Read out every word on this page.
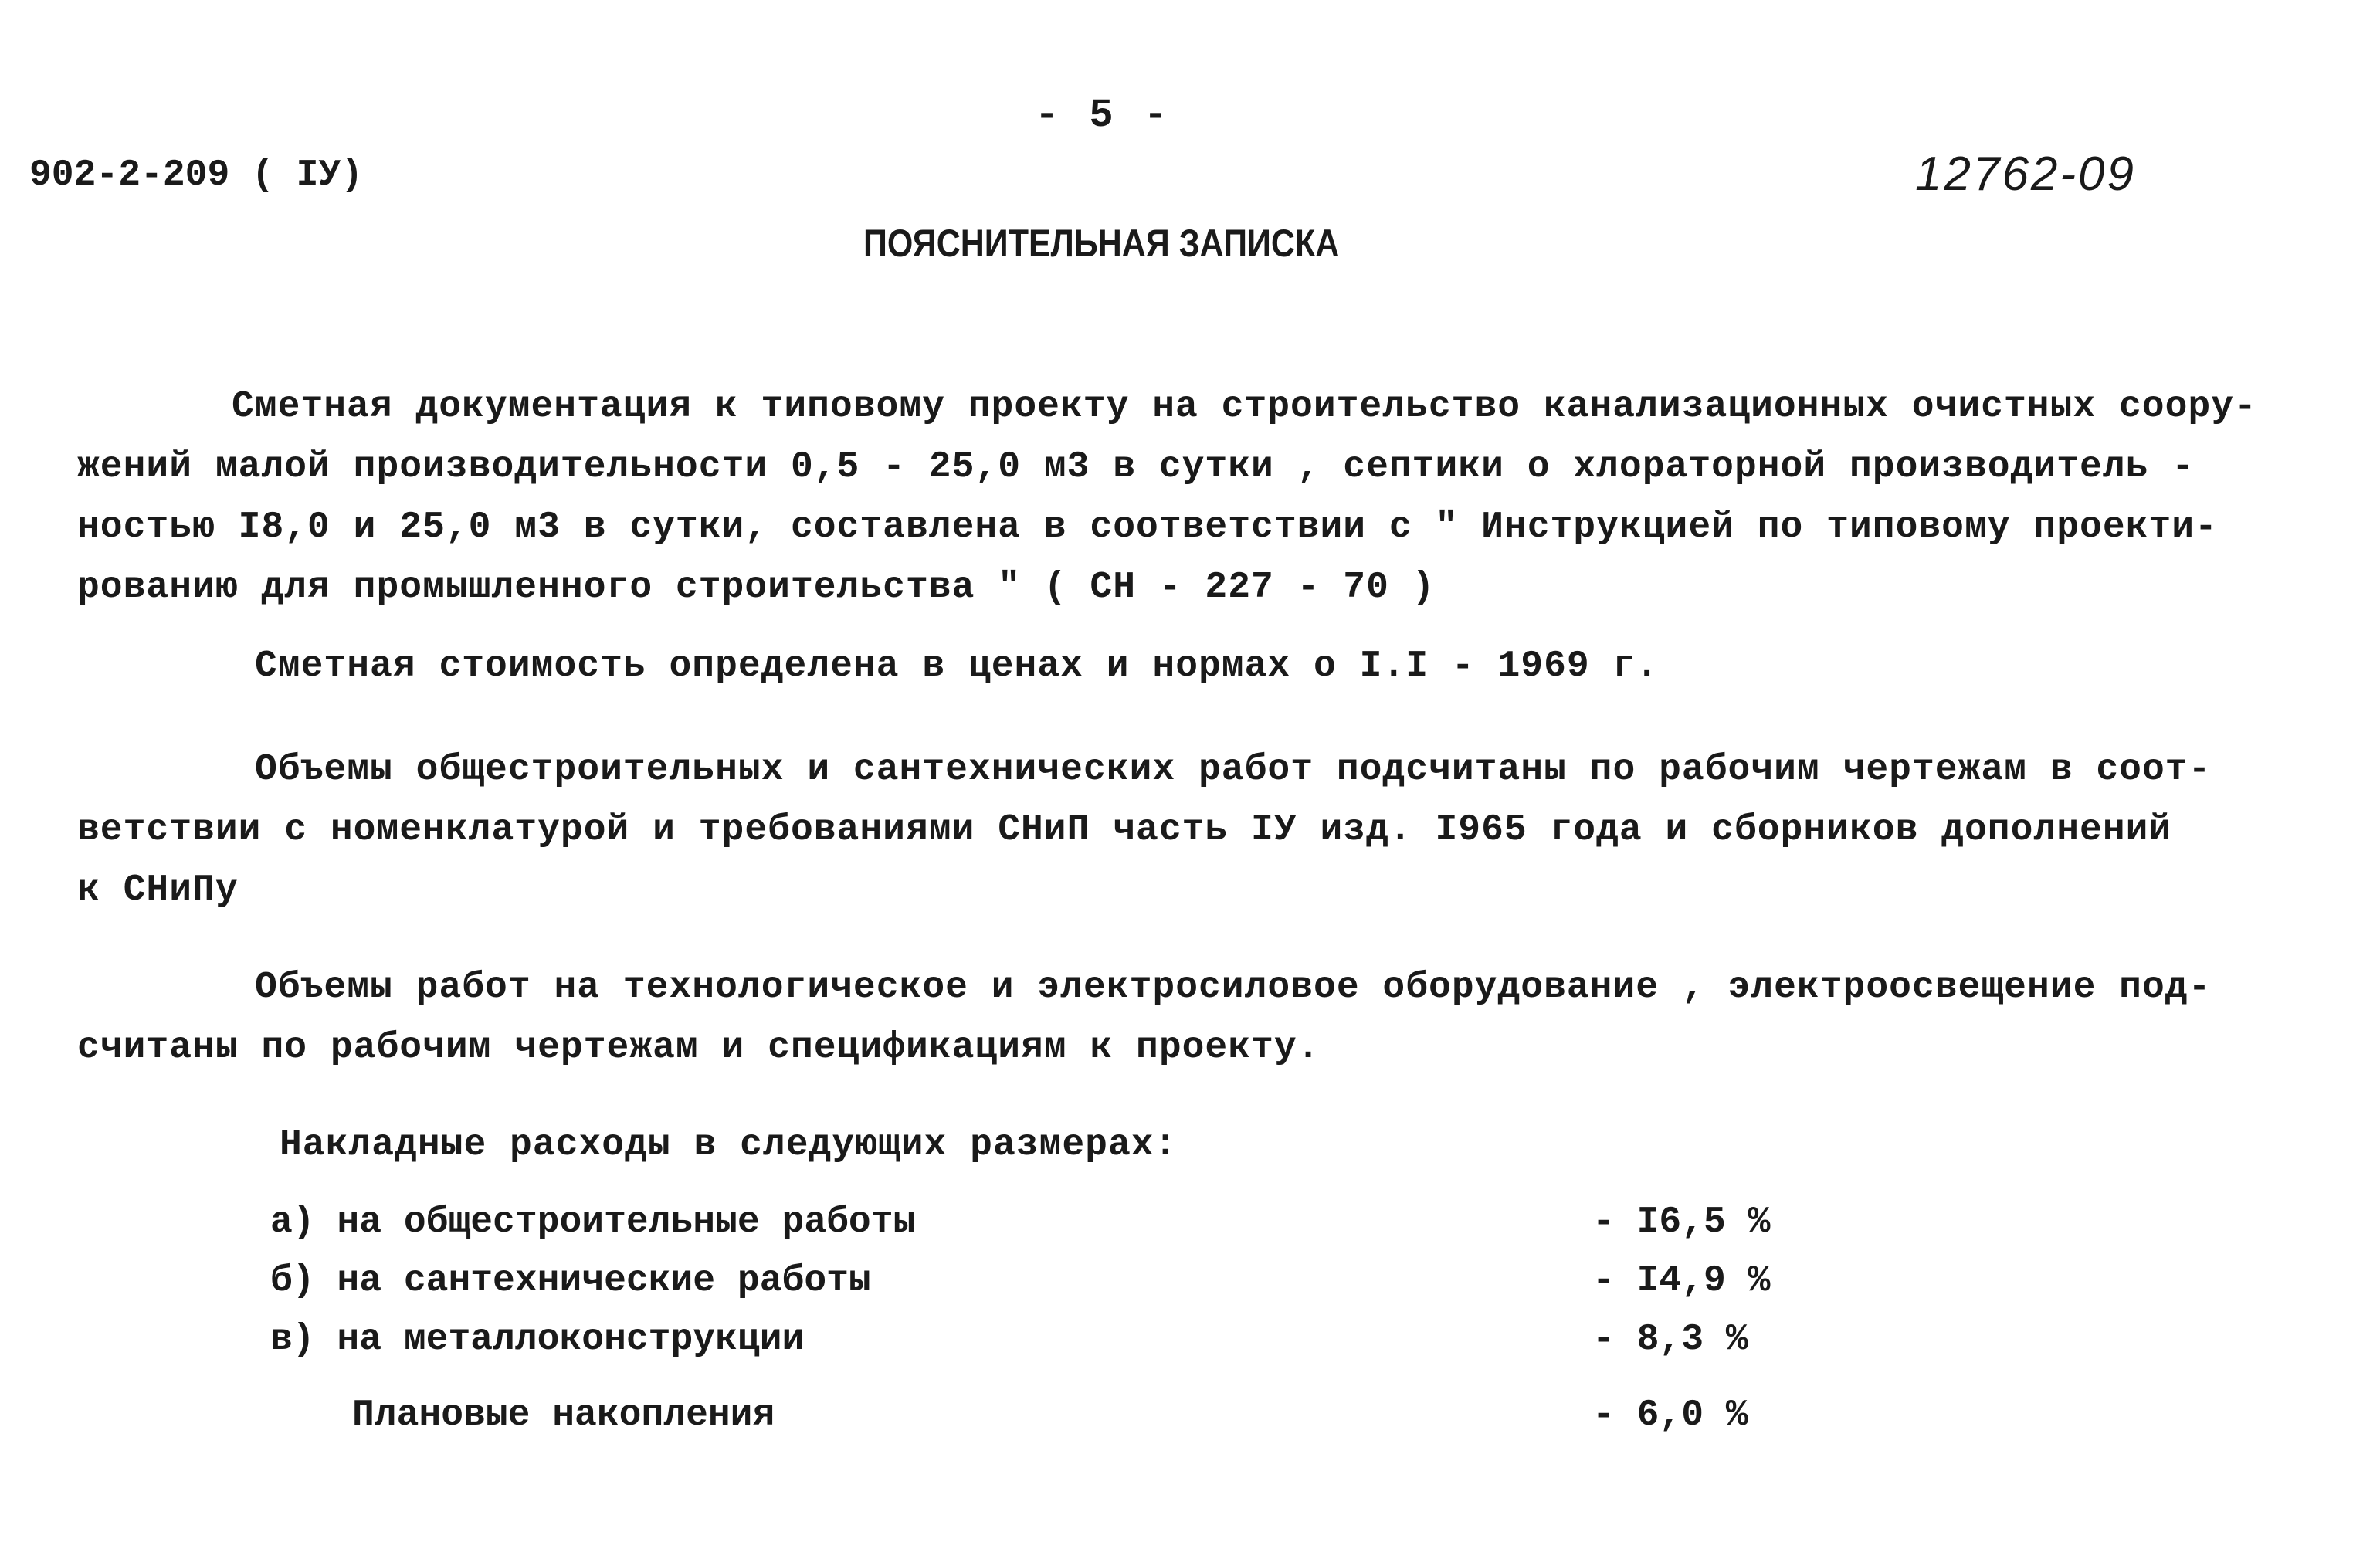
- 5 -
902-2-209 ( IУ)	12762-09
ПОЯСНИТЕЛЬНАЯ ЗАПИСКА
Сметная документация к типовому проекту на строительство канализационных очистных соору-
жений малой производительности 0,5 - 25,0 м3 в сутки , септики о хлораторной производитель -
ностью I8,0 и 25,0 м3 в сутки, составлена в соответствии с " Инструкцией по типовому проекти-
рованию для промышленного строительства " ( СН - 227 - 70 )
Сметная стоимость определена в ценах и нормах о I.I - 1969 г.
Объемы общестроительных и сантехнических работ подсчитаны по рабочим чертежам в соот-
ветствии с номенклатурой и требованиями СНиП часть IУ изд. I965 года и сборников дополнений
к СНиПу
Объемы работ на технологическое и электросиловое оборудование , электроосвещение под-
считаны по рабочим чертежам и спецификациям к проекту.
Накладные расходы в следующих размерах:
а) на общестроительные работы	- I6,5 %
б) на сантехнические работы	- I4,9 %
в) на металлоконструкции	- 8,3 %
Плановые накопления	- 6,0 %
